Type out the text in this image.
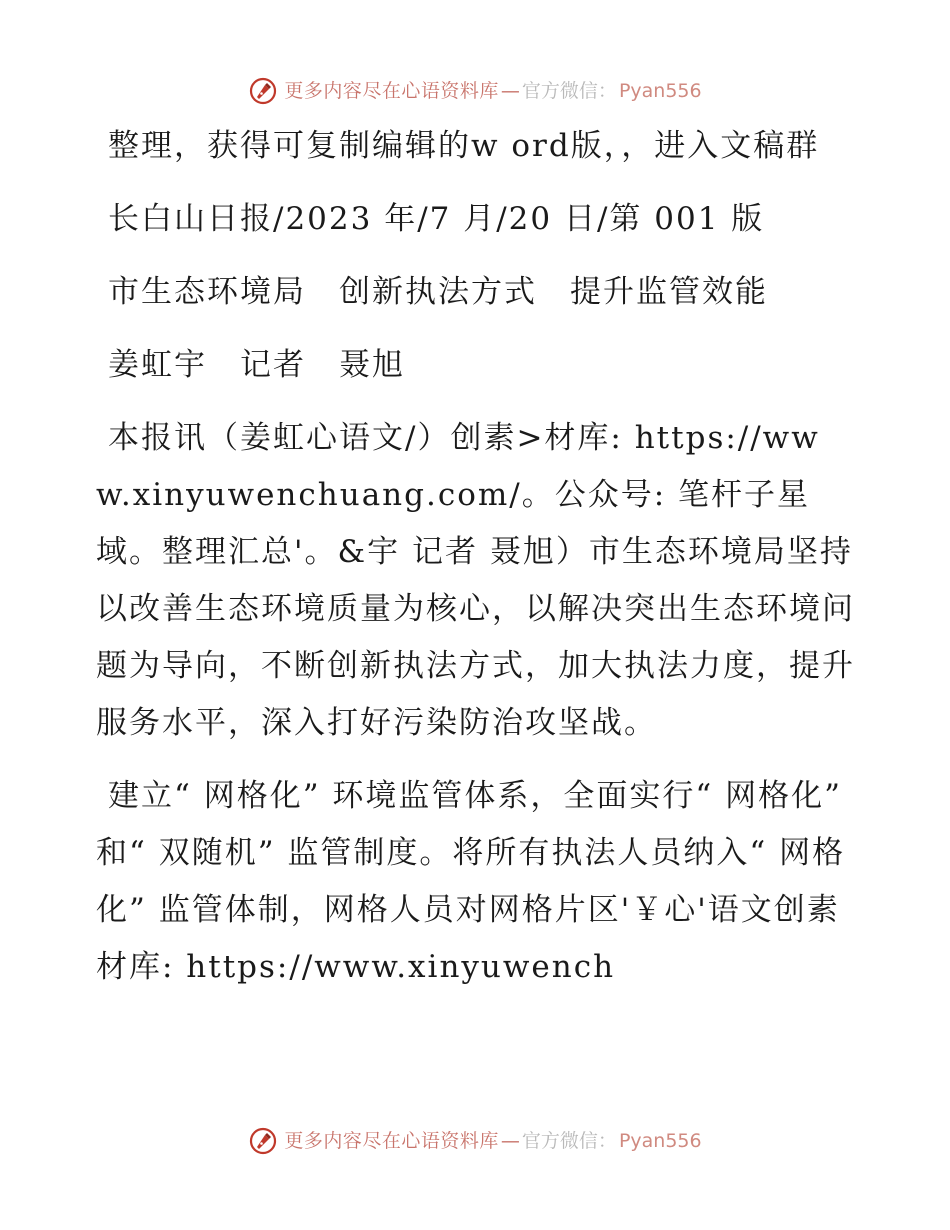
更多内容尽在心语资料库 — 官方微信： Pyan556

整理，获得可复制编辑的w ord版，，进入文稿群

长白山日报/2023 年/7 月/20 日/第 001 版

市生态环境局　创新执法方式　提升监管效能

姜虹宇　记者　聂旭

本报讯（姜虹心语文/）创素>材库: https://www.xinyuwenchuang.com/。公众号: 笔杆子星域。整理汇总'。&宇 记者 聂旭）市生态环境局坚持以改善生态环境质量为核心，以解决突出生态环境问题为导向，不断创新执法方式，加大执法力度，提升服务水平，深入打好污染防治攻坚战。

建立“ 网格化” 环境监管体系，全面实行“ 网格化” 和“ 双随机” 监管制度。将所有执法人员纳入“ 网格化” 监管体制，网格人员对网格片区'￥心'语文创素材库: https://www.xinyuwench

更多内容尽在心语资料库 — 官方微信： Pyan556
